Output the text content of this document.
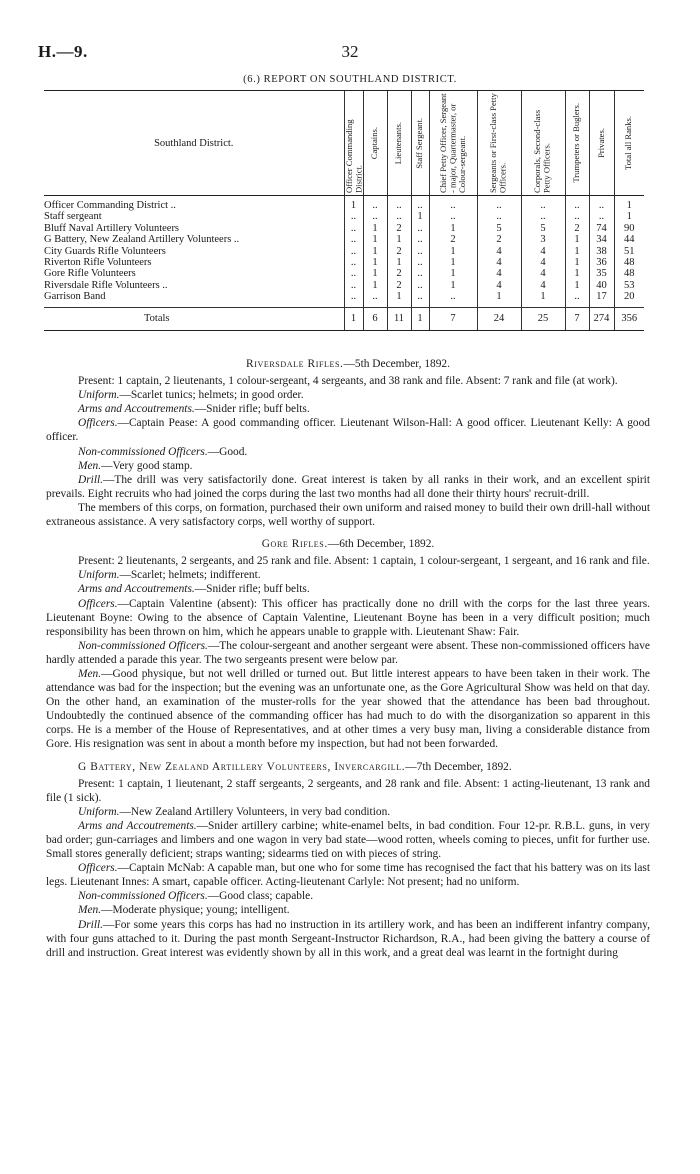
H.—9.	32
(6.) REPORT ON SOUTHLAND DISTRICT.
Southland District.	Officer Commanding District.	Captains.	Lieutenants.	Staff Sergeant.	Chief Petty Officer, Sergeant - major, Quartermaster, or Colour-sergeant.	Sergeants or First-class Petty Officers.	Corporals, Second-class Petty Officers.	Trumpeters or Buglers.	Privates.	Total all Ranks.

Officer Commanding District ..	1	..	..	..	..	..	..	..	..	1
Staff sergeant	..	..	..	1	..	..	..	..	..	1
Bluff Naval Artillery Volunteers	..	1	2	..	1	5	5	2	74	90
G Battery, New Zealand Artillery Volunteers ..	..	1	1	..	2	2	3	1	34	44
City Guards Rifle Volunteers	..	1	2	..	1	4	4	1	38	51
Riverton Rifle Volunteers	..	1	1	..	1	4	4	1	36	48
Gore Rifle Volunteers	..	1	2	..	1	4	4	1	35	48
Riversdale Rifle Volunteers ..	..	1	2	..	1	4	4	1	40	53
Garrison Band	..	..	1	..	..	1	1	..	17	20

Totals	1	6	11	1	7	24	25	7	274	356

Riversdale Rifles.—5th December, 1892.

Present: 1 captain, 2 lieutenants, 1 colour-sergeant, 4 sergeants, and 38 rank and file. Absent: 7 rank and file (at work).

Uniform.—Scarlet tunics; helmets; in good order.

Arms and Accoutrements.—Snider rifle; buff belts.

Officers.—Captain Pease: A good commanding officer. Lieutenant Wilson-Hall: A good officer. Lieutenant Kelly: A good officer.

Non-commissioned Officers.—Good.

Men.—Very good stamp.

Drill.—The drill was very satisfactorily done. Great interest is taken by all ranks in their work, and an excellent spirit prevails. Eight recruits who had joined the corps during the last two months had all done their thirty hours' recruit-drill.

The members of this corps, on formation, purchased their own uniform and raised money to build their own drill-hall without extraneous assistance. A very satisfactory corps, well worthy of support.

Gore Rifles.—6th December, 1892.

Present: 2 lieutenants, 2 sergeants, and 25 rank and file. Absent: 1 captain, 1 colour-sergeant, 1 sergeant, and 16 rank and file.

Uniform.—Scarlet; helmets; indifferent.

Arms and Accoutrements.—Snider rifle; buff belts.

Officers.—Captain Valentine (absent): This officer has practically done no drill with the corps for the last three years. Lieutenant Boyne: Owing to the absence of Captain Valentine, Lieutenant Boyne has been in a very difficult position; much responsibility has been thrown on him, which he appears unable to grapple with. Lieutenant Shaw: Fair.

Non-commissioned Officers.—The colour-sergeant and another sergeant were absent. These non-commissioned officers have hardly attended a parade this year. The two sergeants present were below par.

Men.—Good physique, but not well drilled or turned out. But little interest appears to have been taken in their work. The attendance was bad for the inspection; but the evening was an unfortunate one, as the Gore Agricultural Show was held on that day. On the other hand, an examination of the muster-rolls for the year showed that the attendance has been bad throughout. Undoubtedly the continued absence of the commanding officer has had much to do with the disorganization so apparent in this corps. He is a member of the House of Representatives, and at other times a very busy man, living a considerable distance from Gore. His resignation was sent in about a month before my inspection, but had not been forwarded.

G Battery, New Zealand Artillery Volunteers, Invercargill.—7th December, 1892.

Present: 1 captain, 1 lieutenant, 2 staff sergeants, 2 sergeants, and 28 rank and file. Absent: 1 acting-lieutenant, 13 rank and file (1 sick).

Uniform.—New Zealand Artillery Volunteers, in very bad condition.

Arms and Accoutrements.—Snider artillery carbine; white-enamel belts, in bad condition. Four 12-pr. R.B.L. guns, in very bad order; gun-carriages and limbers and one wagon in very bad state—wood rotten, wheels coming to pieces, unfit for further use. Small stores generally deficient; straps wanting; sidearms tied on with pieces of string.

Officers.—Captain McNab: A capable man, but one who for some time has recognised the fact that his battery was on its last legs. Lieutenant Innes: A smart, capable officer. Acting-lieutenant Carlyle: Not present; had no uniform.

Non-commissioned Officers.—Good class; capable.

Men.—Moderate physique; young; intelligent.

Drill.—For some years this corps has had no instruction in its artillery work, and has been an indifferent infantry company, with four guns attached to it. During the past month Sergeant-Instructor Richardson, R.A., had been giving the battery a course of drill and instruction. Great interest was evidently shown by all in this work, and a great deal was learnt in the fortnight during
